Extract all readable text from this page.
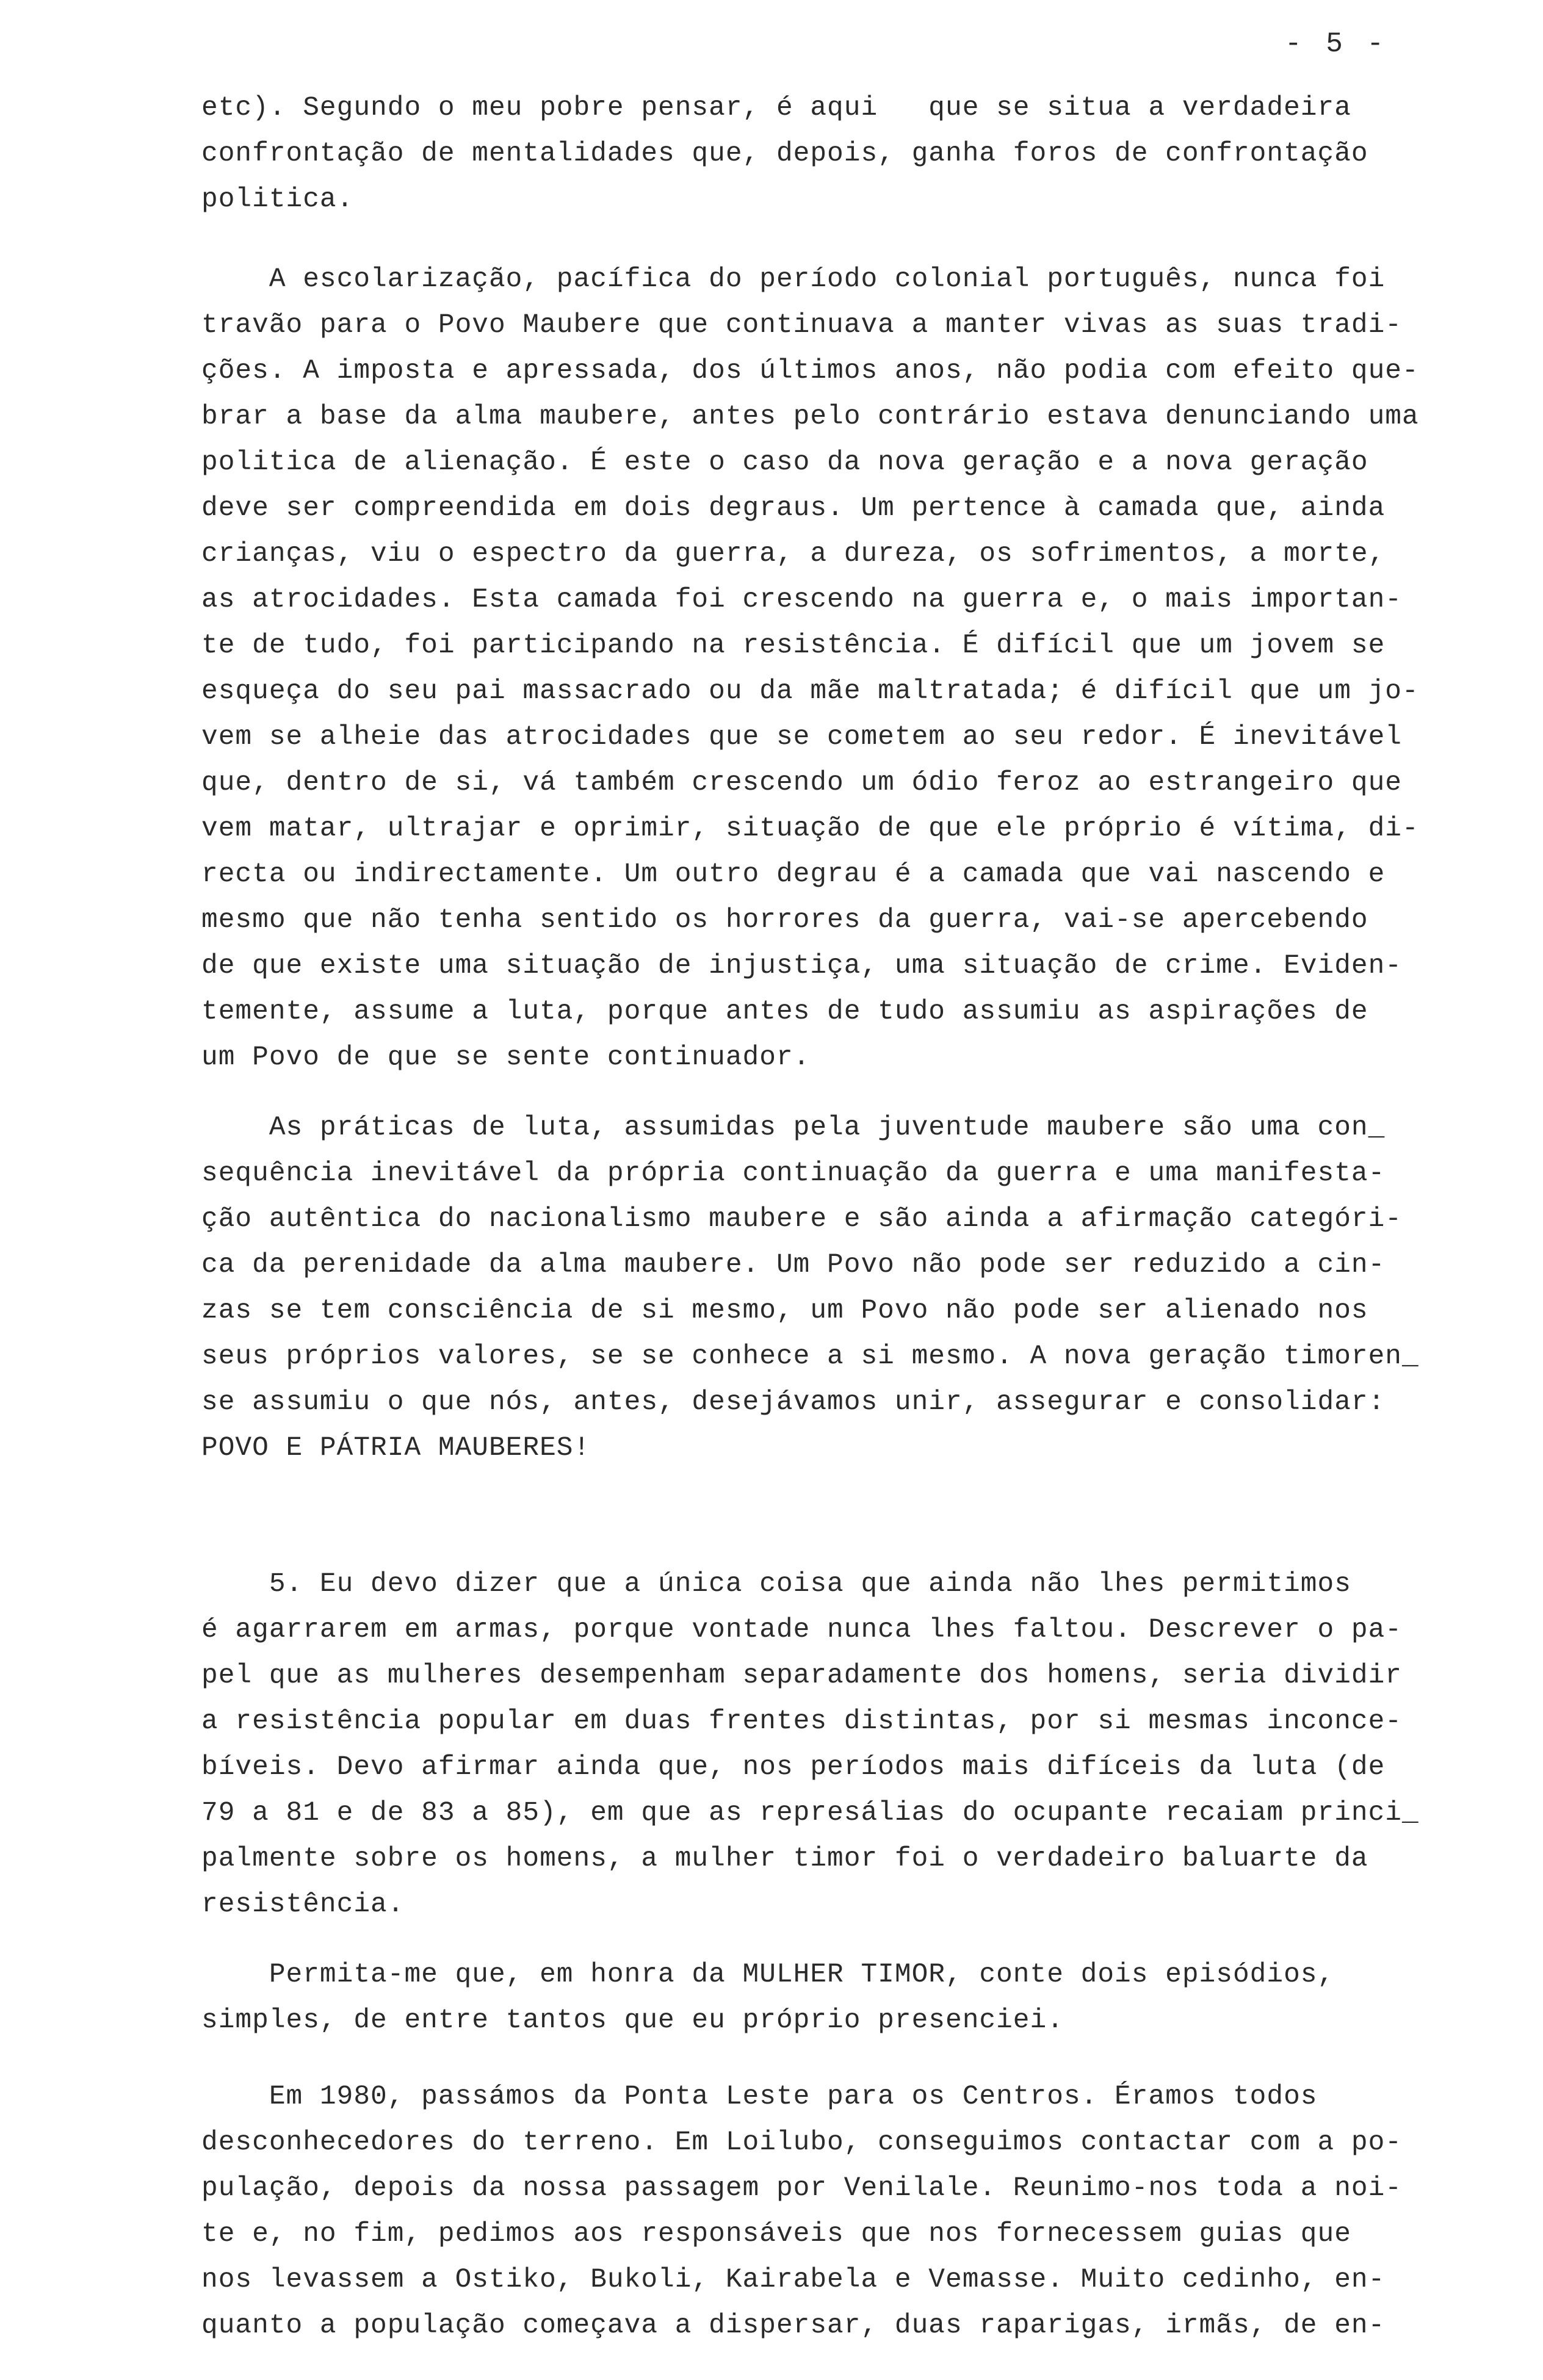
- 5 -
etc). Segundo o meu pobre pensar, é aqui   que se situa a verdadeira
confrontação de mentalidades que, depois, ganha foros de confrontação
politica.
A escolarização, pacífica do período colonial português, nunca foi
travão para o Povo Maubere que continuava a manter vivas as suas tradi-
ções. A imposta e apressada, dos últimos anos, não podia com efeito que-
brar a base da alma maubere, antes pelo contrário estava denunciando uma
politica de alienação. É este o caso da nova geração e a nova geração
deve ser compreendida em dois degraus. Um pertence à camada que, ainda
crianças, viu o espectro da guerra, a dureza, os sofrimentos, a morte,
as atrocidades. Esta camada foi crescendo na guerra e, o mais importan-
te de tudo, foi participando na resistência. É difícil que um jovem se
esqueça do seu pai massacrado ou da mãe maltratada; é difícil que um jo-
vem se alheie das atrocidades que se cometem ao seu redor. É inevitável
que, dentro de si, vá também crescendo um ódio feroz ao estrangeiro que
vem matar, ultrajar e oprimir, situação de que ele próprio é vítima, di-
recta ou indirectamente. Um outro degrau é a camada que vai nascendo e
mesmo que não tenha sentido os horrores da guerra, vai-se apercebendo
de que existe uma situação de injustiça, uma situação de crime. Eviden-
temente, assume a luta, porque antes de tudo assumiu as aspirações de
um Povo de que se sente continuador.
As práticas de luta, assumidas pela juventude maubere são uma con_
sequência inevitável da própria continuação da guerra e uma manifesta-
ção autêntica do nacionalismo maubere e são ainda a afirmação categóri-
ca da perenidade da alma maubere. Um Povo não pode ser reduzido a cin-
zas se tem consciência de si mesmo, um Povo não pode ser alienado nos
seus próprios valores, se se conhece a si mesmo. A nova geração timoren_
se assumiu o que nós, antes, desejávamos unir, assegurar e consolidar:
POVO E PÁTRIA MAUBERES!
5. Eu devo dizer que a única coisa que ainda não lhes permitimos
é agarrarem em armas, porque vontade nunca lhes faltou. Descrever o pa-
pel que as mulheres desempenham separadamente dos homens, seria dividir
a resistência popular em duas frentes distintas, por si mesmas inconce-
bíveis. Devo afirmar ainda que, nos períodos mais difíceis da luta (de
79 a 81 e de 83 a 85), em que as represálias do ocupante recaiam princi_
palmente sobre os homens, a mulher timor foi o verdadeiro baluarte da
resistência.
Permita-me que, em honra da MULHER TIMOR, conte dois episódios,
simples, de entre tantos que eu próprio presenciei.
Em 1980, passámos da Ponta Leste para os Centros. Éramos todos
desconhecedores do terreno. Em Loilubo, conseguimos contactar com a po-
pulação, depois da nossa passagem por Venilale. Reunimo-nos toda a noi-
te e, no fim, pedimos aos responsáveis que nos fornecessem guias que
nos levassem a Ostiko, Bukoli, Kairabela e Vemasse. Muito cedinho, en-
quanto a população começava a dispersar, duas raparigas, irmãs, de en-
